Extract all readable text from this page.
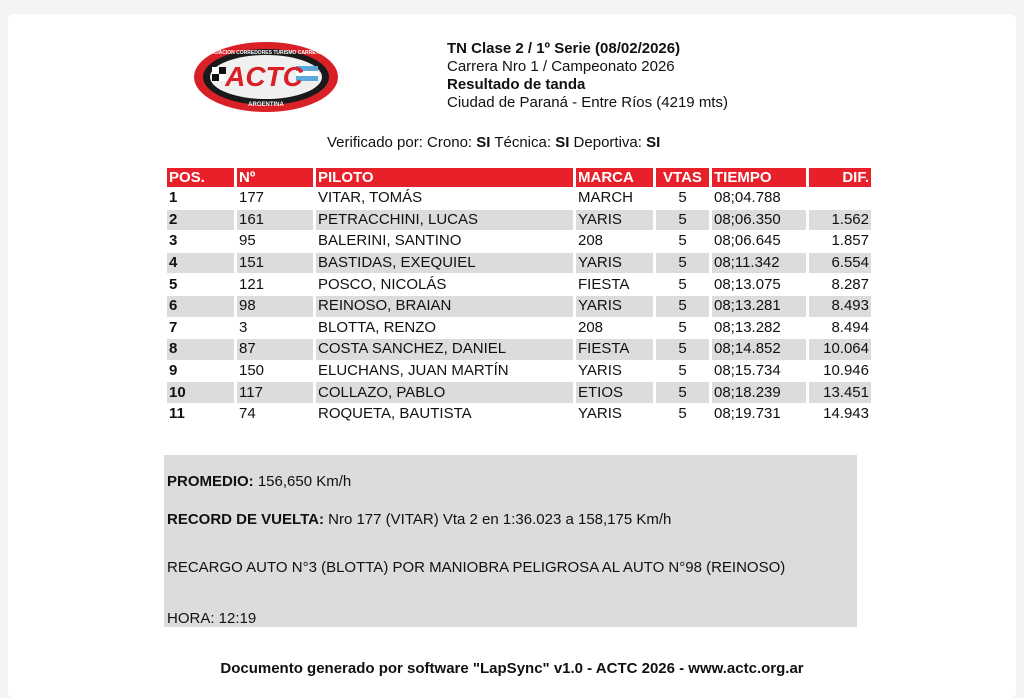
ACTC
ASOCIACION CORREDORES TURISMO CARRETERA
ARGENTINA
TN Clase 2 / 1º Serie (08/02/2026)
Carrera Nro 1 / Campeonato 2026
Resultado de tanda
Ciudad de Paraná - Entre Ríos (4219 mts)
Verificado por: Crono: SI Técnica: SI Deportiva: SI
POS.	Nº	PILOTO	MARCA	VTAS	TIEMPO	DIF.
1	177	VITAR, TOMÁS	MARCH	5	08;04.788	
2	161	PETRACCHINI, LUCAS	YARIS	5	08;06.350	1.562
3	95	BALERINI, SANTINO	208	5	08;06.645	1.857
4	151	BASTIDAS, EXEQUIEL	YARIS	5	08;11.342	6.554
5	121	POSCO, NICOLÁS	FIESTA	5	08;13.075	8.287
6	98	REINOSO, BRAIAN	YARIS	5	08;13.281	8.493
7	3	BLOTTA, RENZO	208	5	08;13.282	8.494
8	87	COSTA SANCHEZ, DANIEL	FIESTA	5	08;14.852	10.064
9	150	ELUCHANS, JUAN MARTÍN	YARIS	5	08;15.734	10.946
10	117	COLLAZO, PABLO	ETIOS	5	08;18.239	13.451
11	74	ROQUETA, BAUTISTA	YARIS	5	08;19.731	14.943
PROMEDIO: 156,650 Km/h
RECORD DE VUELTA: Nro 177 (VITAR) Vta 2 en 1:36.023 a 158,175 Km/h
RECARGO AUTO N°3 (BLOTTA) POR MANIOBRA PELIGROSA AL AUTO N°98 (REINOSO)
HORA: 12:19
Documento generado por software "LapSync" v1.0 - ACTC 2026 - www.actc.org.ar
